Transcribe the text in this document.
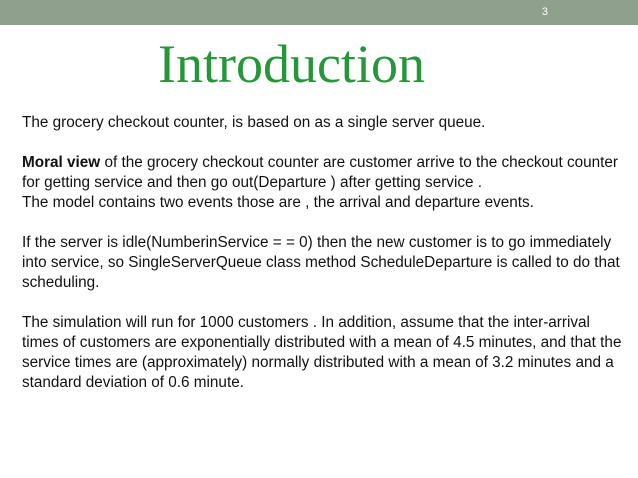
3
Introduction

The grocery checkout counter, is based on as a single server queue.

Moral view of the grocery checkout counter are customer arrive to the checkout counter for getting service and then go out(Departure ) after getting service .

The model contains two events those are , the arrival and departure events.

If the server is idle(NumberinService = = 0) then the new customer is to go immediately into service, so SingleServerQueue class method ScheduleDeparture is called to do that scheduling.

The simulation will run for 1000 customers . In addition, assume that the inter-arrival times of customers are exponentially distributed with a mean of 4.5 minutes, and that the service times are (approximately) normally distributed with a mean of 3.2 minutes and a standard deviation of 0.6 minute.
